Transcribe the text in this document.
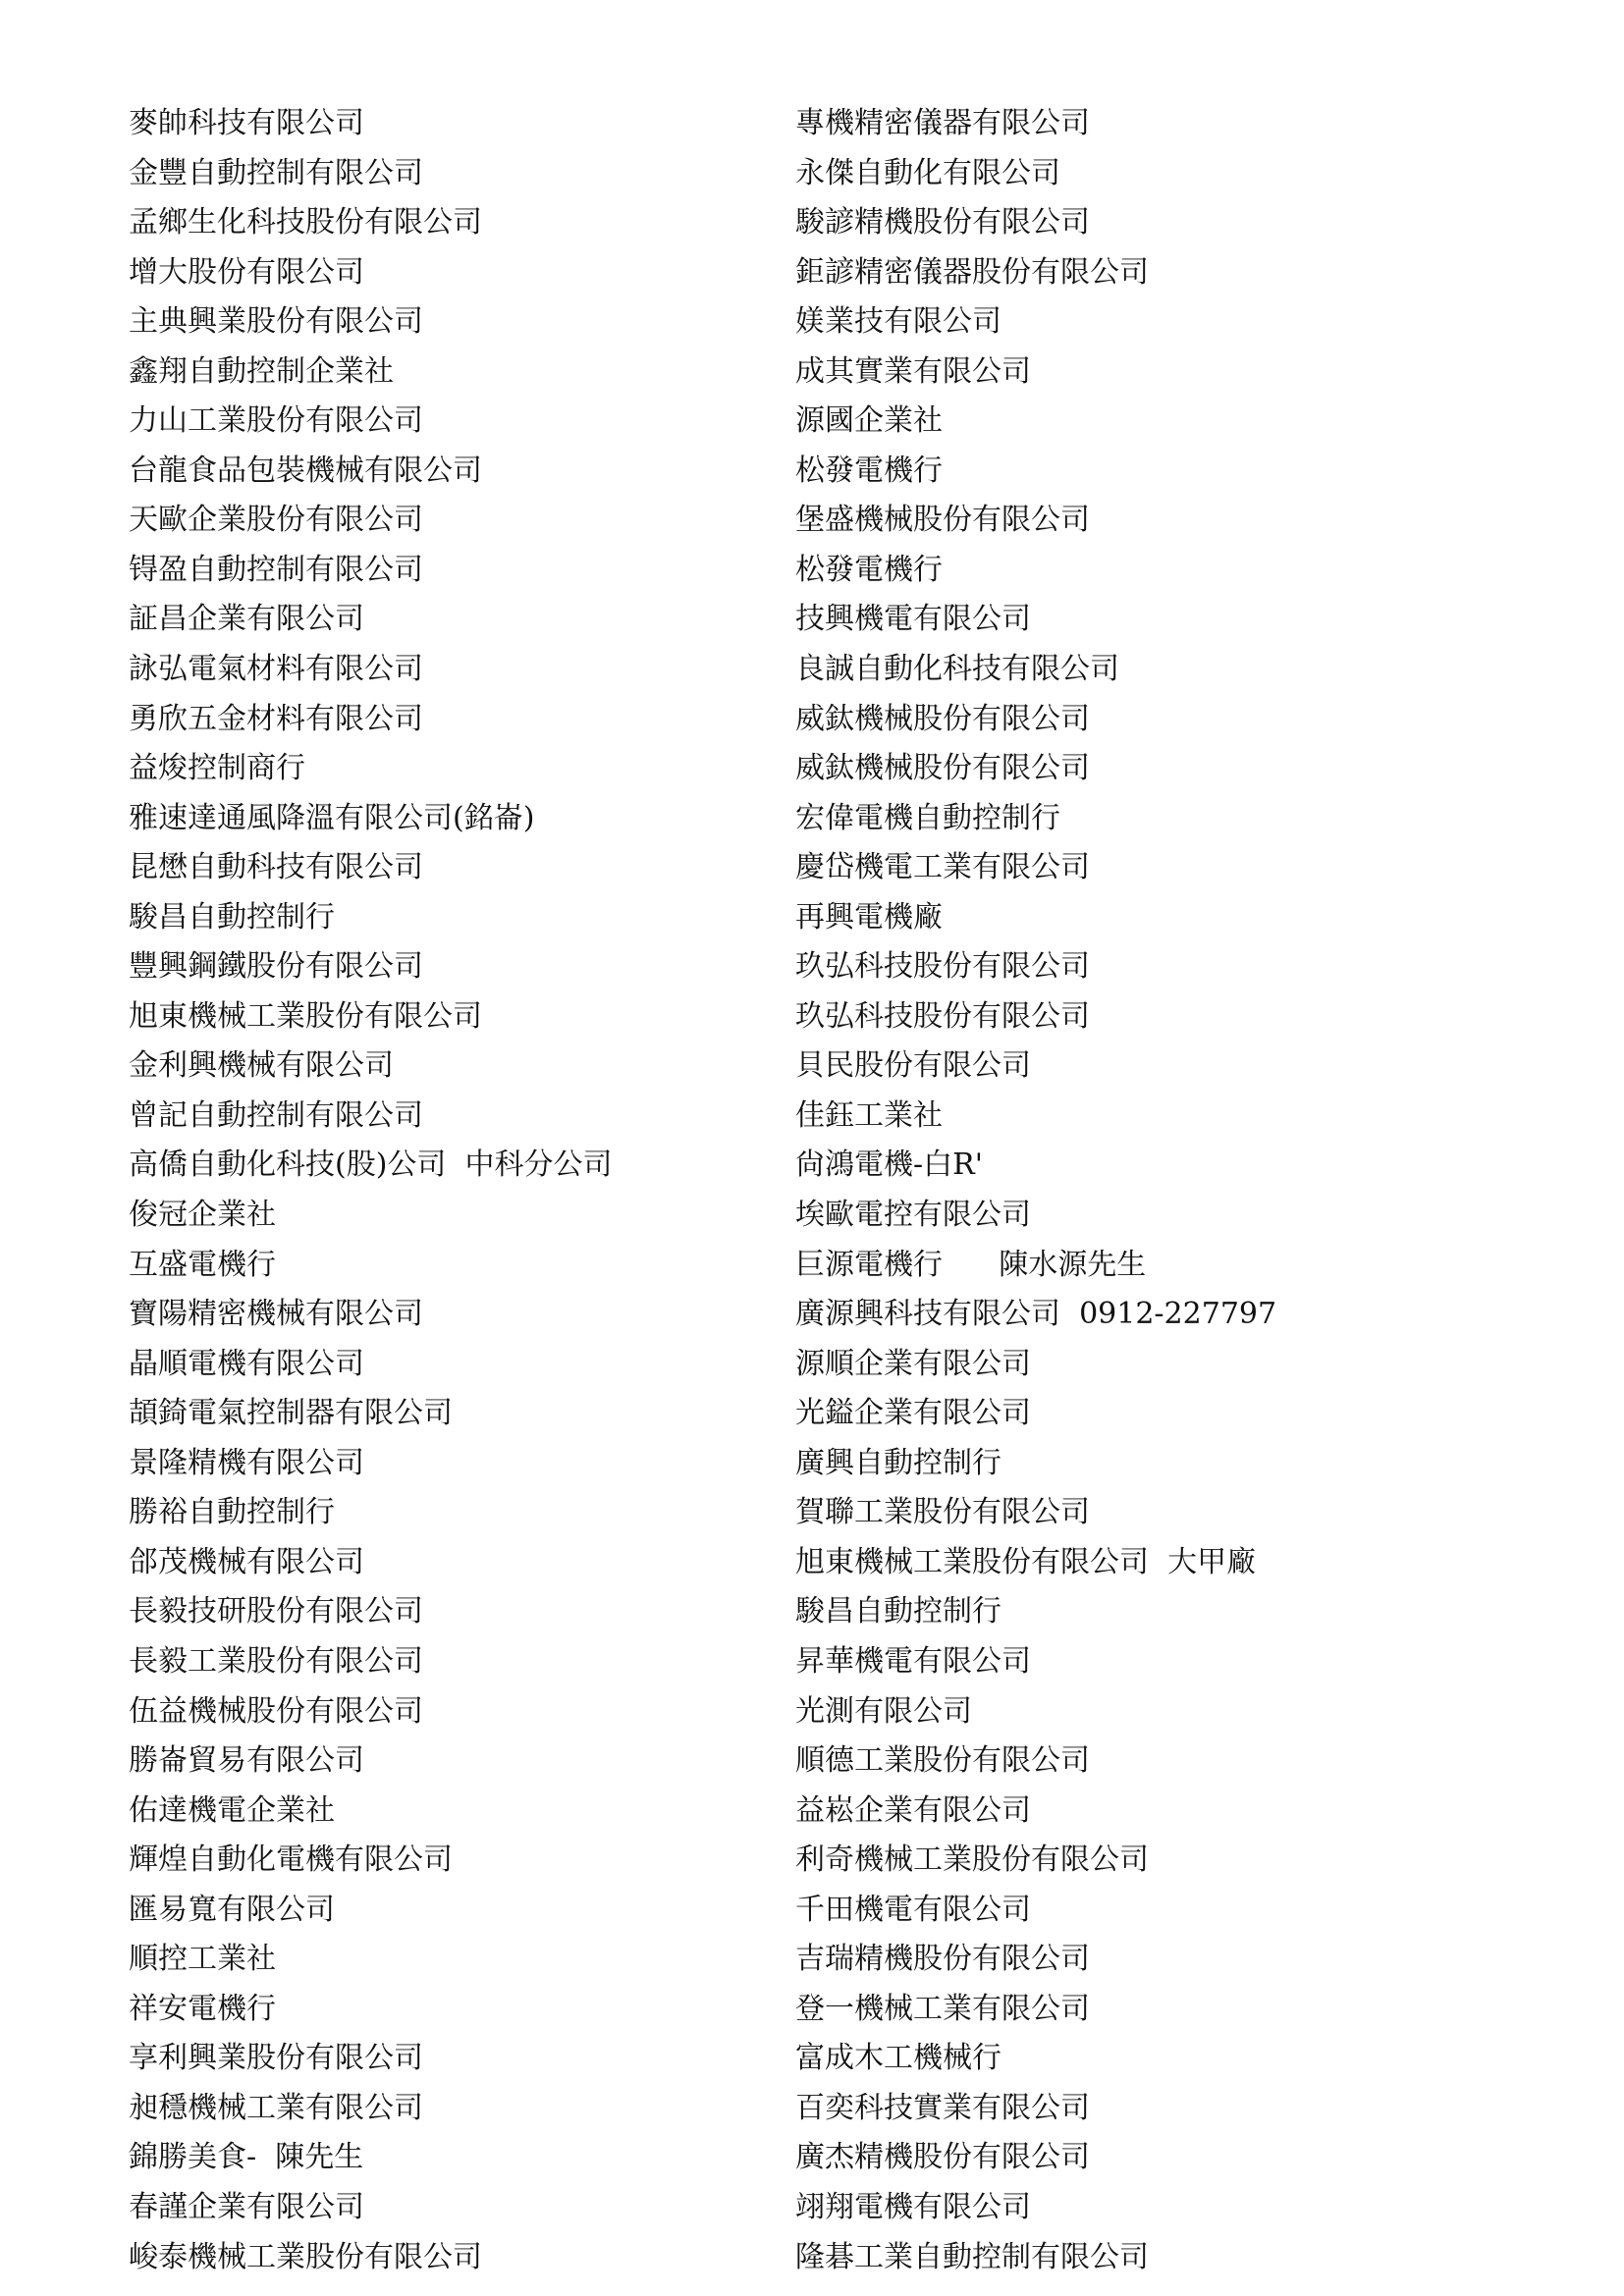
麥帥科技有限公司
金豐自動控制有限公司
孟鄉生化科技股份有限公司
增大股份有限公司
主典興業股份有限公司
鑫翔自動控制企業社
力山工業股份有限公司
台龍食品包裝機械有限公司
天歐企業股份有限公司
锝盈自動控制有限公司
証昌企業有限公司
詠弘電氣材料有限公司
勇欣五金材料有限公司
益焌控制商行
雅速達通風降溫有限公司(銘崙)
昆懋自動科技有限公司
駿昌自動控制行
豐興鋼鐵股份有限公司
旭東機械工業股份有限公司
金利興機械有限公司
曾記自動控制有限公司
高僑自動化科技(股)公司  中科分公司
俊冠企業社
互盛電機行
寶陽精密機械有限公司
晶順電機有限公司
頡錡電氣控制器有限公司
景隆精機有限公司
勝裕自動控制行
郃茂機械有限公司
長毅技研股份有限公司
長毅工業股份有限公司
伍益機械股份有限公司
勝崙貿易有限公司
佑達機電企業社
輝煌自動化電機有限公司
匯易寬有限公司
順控工業社
祥安電機行
享利興業股份有限公司
昶穩機械工業有限公司
錦勝美食-  陳先生
春謹企業有限公司
峻泰機械工業股份有限公司
專機精密儀器有限公司
永傑自動化有限公司
駿諺精機股份有限公司
鉅諺精密儀器股份有限公司
媄業技有限公司
成其實業有限公司
源國企業社
松發電機行
堡盛機械股份有限公司
松發電機行
技興機電有限公司
良誠自動化科技有限公司
威鈦機械股份有限公司
威鈦機械股份有限公司
宏偉電機自動控制行
慶岱機電工業有限公司
再興電機廠
玖弘科技股份有限公司
玖弘科技股份有限公司
貝民股份有限公司
佳鈺工業社
尙鴻電機-白R'
埃歐電控有限公司
巨源電機行      陳水源先生
廣源興科技有限公司  0912-227797
源順企業有限公司
光鎰企業有限公司
廣興自動控制行
賀聯工業股份有限公司
旭東機械工業股份有限公司  大甲廠
駿昌自動控制行
昇華機電有限公司
光測有限公司
順德工業股份有限公司
益崧企業有限公司
利奇機械工業股份有限公司
千田機電有限公司
吉瑞精機股份有限公司
登一機械工業有限公司
富成木工機械行
百奕科技實業有限公司
廣杰精機股份有限公司
翊翔電機有限公司
隆碁工業自動控制有限公司
